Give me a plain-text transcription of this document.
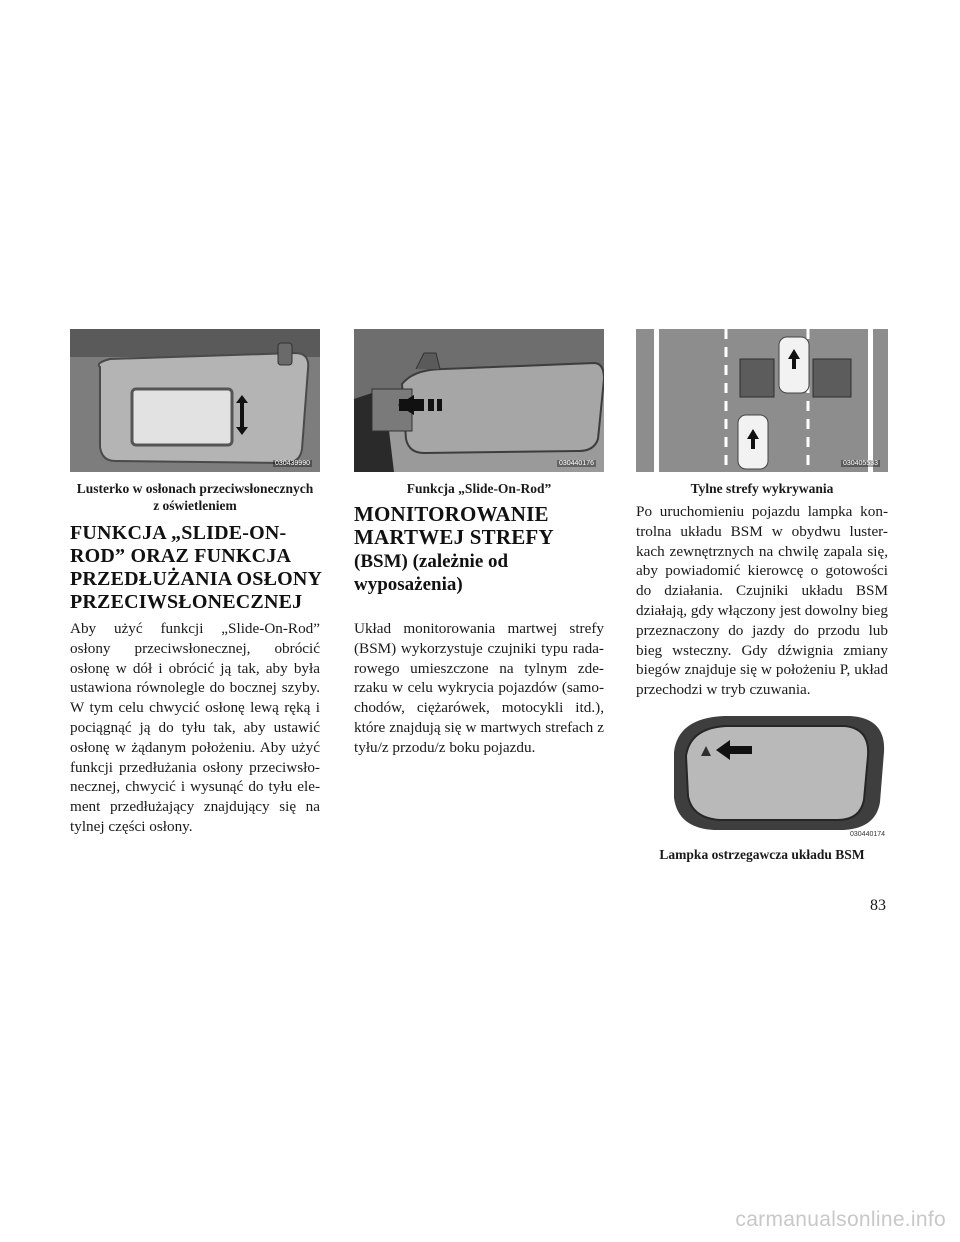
030439990
Lusterko w osłonach przeciwsłonecznych
z oświetleniem
030440176
Funkcja „Slide-On-Rod”
030405533
Tylne strefy wykrywania
FUNKCJA „SLIDE-ON-ROD” ORAZ FUNKCJA PRZEDŁUŻANIA OSŁONY PRZECIWSŁONECZNEJ

Aby użyć funkcji „Slide-On-Rod” osłony przeciwsłonecznej, obrócić osłonę w dół i obrócić ją tak, aby była ustawiona równolegle do bocznej szyby. W tym celu chwycić osłonę lewą ręką i pociągnąć ją do tyłu tak, aby ustawić osłonę w żądanym położeniu. Aby użyć funkcji przedłużania osłony przeciwsło-necznej, chwycić i wysunąć do tyłu ele-ment przedłużający znajdujący się na tylnej części osłony.

MONITOROWANIE MARTWEJ STREFY
(BSM) (zależnie od wyposażenia)

Układ monitorowania martwej strefy (BSM) wykorzystuje czujniki typu rada-rowego umieszczone na tylnym zde-rzaku w celu wykrycia pojazdów (samo-chodów, ciężarówek, motocykli itd.), które znajdują się w martwych strefach z tyłu/z przodu/z boku pojazdu.

Po uruchomieniu pojazdu lampka kon-trolna układu BSM w obydwu luster-kach zewnętrznych na chwilę zapala się, aby powiadomić kierowcę o gotowości do działania. Czujniki układu BSM działają, gdy włączony jest dowolny bieg przeznaczony do jazdy do przodu lub bieg wsteczny. Gdy dźwignia zmiany biegów znajduje się w położeniu P, układ przechodzi w tryb czuwania.

030440174
Lampka ostrzegawcza układu BSM
83
carmanualsonline.info
